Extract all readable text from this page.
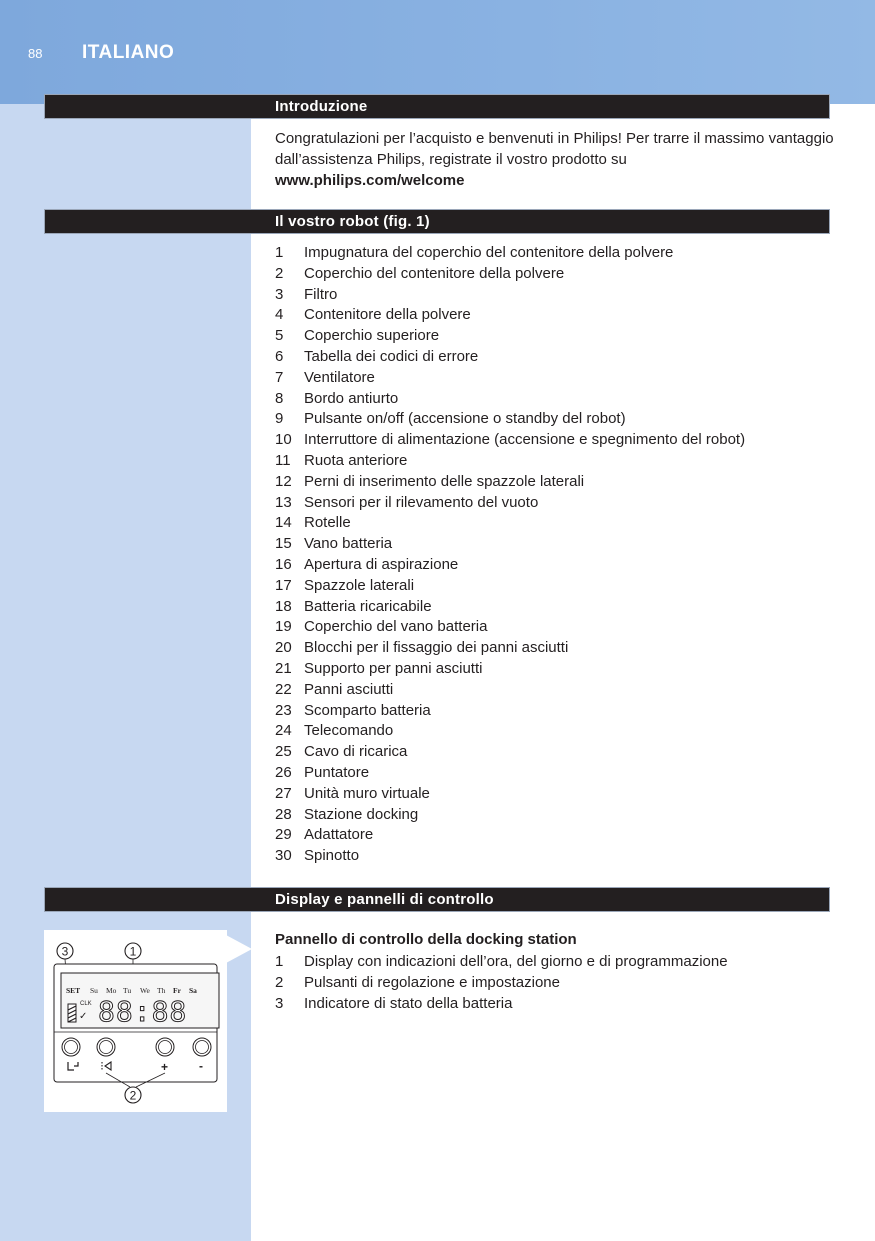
88 ITALIANO
Introduzione
Congratulazioni per l’acquisto e benvenuti in Philips! Per trarre il massimo vantaggio dall’assistenza Philips, registrate il vostro prodotto su
www.philips.com/welcome
Il vostro robot (fig. 1)
1 Impugnatura del coperchio del contenitore della polvere
2 Coperchio del contenitore della polvere
3 Filtro
4 Contenitore della polvere
5 Coperchio superiore
6 Tabella dei codici di errore
7 Ventilatore
8 Bordo antiurto
9 Pulsante on/off (accensione o standby del robot)
10 Interruttore di alimentazione (accensione e spegnimento del robot)
11 Ruota anteriore
12 Perni di inserimento delle spazzole laterali
13 Sensori per il rilevamento del vuoto
14 Rotelle
15 Vano batteria
16 Apertura di aspirazione
17 Spazzole laterali
18 Batteria ricaricabile
19 Coperchio del vano batteria
20 Blocchi per il fissaggio dei panni asciutti
21 Supporto per panni asciutti
22 Panni asciutti
23 Scomparto batteria
24 Telecomando
25 Cavo di ricarica
26 Puntatore
27 Unità muro virtuale
28 Stazione docking
29 Adattatore
30 Spinotto
Display e pannelli di controllo
Pannello di controllo della docking station
1 Display con indicazioni dell’ora, del giorno e di programmazione
2 Pulsanti di regolazione e impostazione
3 Indicatore di stato della batteria
3	1
SET Su Mo Tu We Th Fr Sa
CLK
✓ 88:88
+	-
2
